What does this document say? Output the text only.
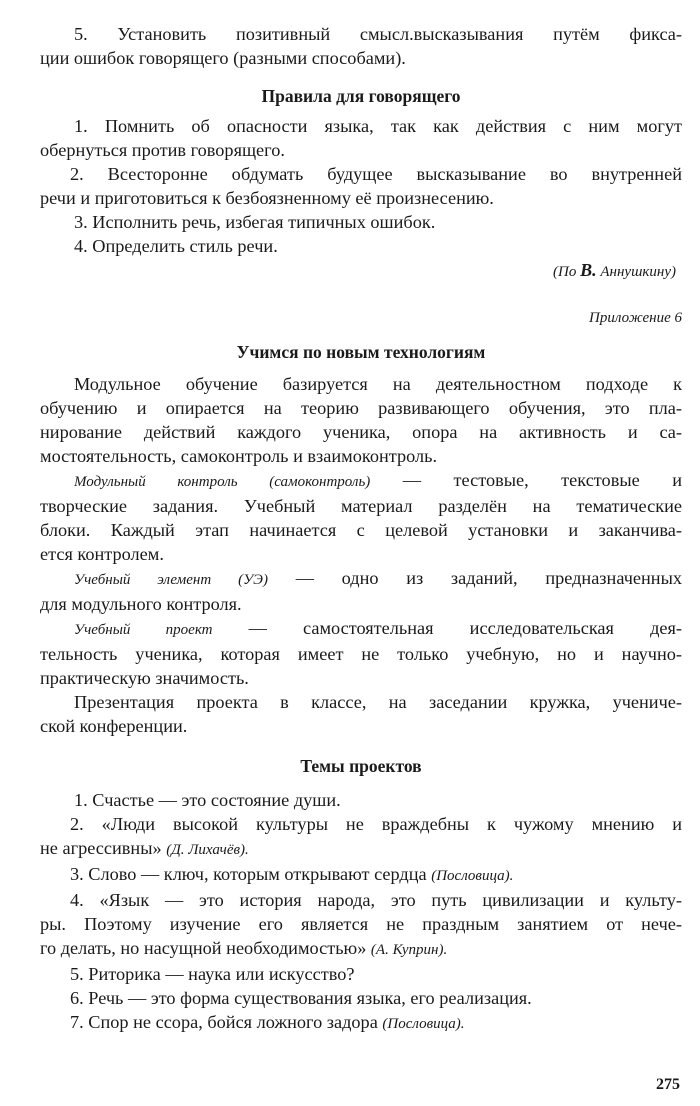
5. Установить позитивный смысл.высказывания путём фикса-

ции ошибок говорящего (разными способами).

Правила для говорящего

1. Помнить об опасности языка, так как действия с ним могут

обернуться против говорящего.

2. Всесторонне обдумать будущее высказывание во внутренней

речи и приготовиться к безбоязненному её произнесению.

3. Исполнить речь, избегая типичных ошибок.

4. Определить стиль речи.

(По В. Аннушкину)

Приложение 6

Учимся по новым технологиям

Модульное обучение базируется на деятельностном подходе к

обучению и опирается на теорию развивающего обучения, это пла-

нирование действий каждого ученика, опора на активность и са-

мостоятельность, самоконтроль и взаимоконтроль.

Модульный контроль (самоконтроль) — тестовые, текстовые и

творческие задания. Учебный материал разделён на тематические

блоки. Каждый этап начинается с целевой установки и заканчива-

ется контролем.

Учебный элемент (УЭ) — одно из заданий, предназначенных

для модульного контроля.

Учебный проект — самостоятельная исследовательская дея-

тельность ученика, которая имеет не только учебную, но и научно-

практическую значимость.

Презентация проекта в классе, на заседании кружка, учениче-

ской конференции.

Темы проектов

1. Счастье — это состояние души.

2. «Люди высокой культуры не враждебны к чужому мнению и

не агрессивны» (Д. Лихачёв).

3. Слово — ключ, которым открывают сердца (Пословица).

4. «Язык — это история народа, это путь цивилизации и культу-

ры. Поэтому изучение его является не праздным занятием от нече-

го делать, но насущной необходимостью» (А. Куприн).

5. Риторика — наука или искусство?

6. Речь — это форма существования языка, его реализация.

7. Спор не ссора, бойся ложного задора (Пословица).

275
